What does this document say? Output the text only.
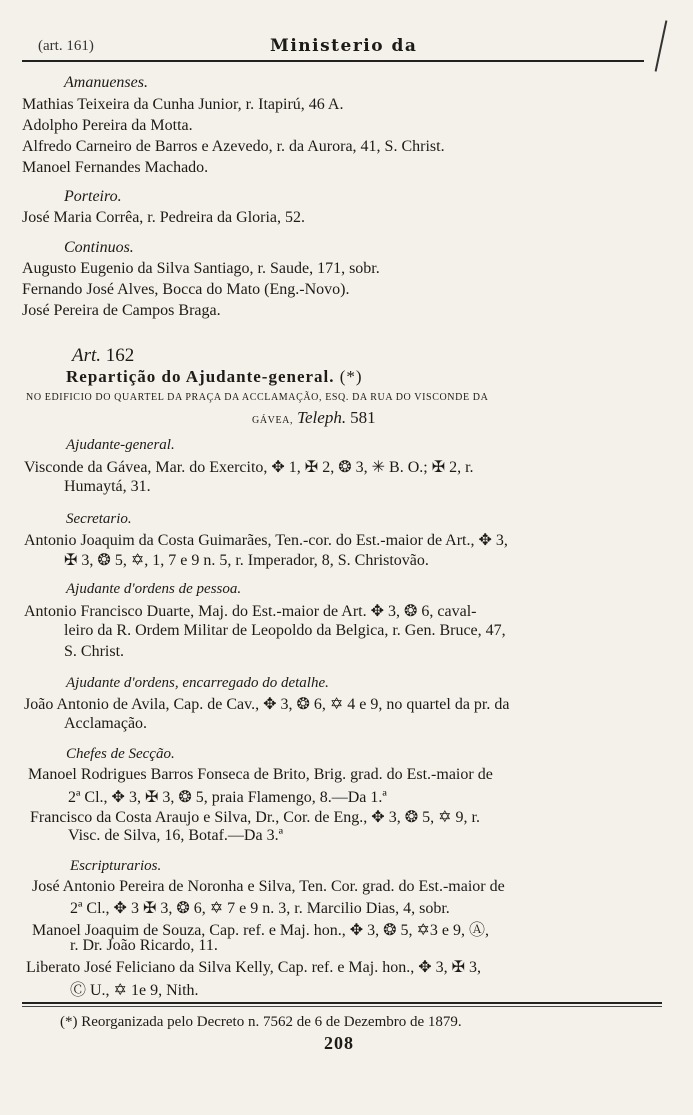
(art. 161)	Ministerio da
Amanuenses.
Mathias Teixeira da Cunha Junior, r. Itapirú, 46 A.
Adolpho Pereira da Motta.
Alfredo Carneiro de Barros e Azevedo, r. da Aurora, 41, S. Christ.
Manoel Fernandes Machado.
Porteiro.
José Maria Corrêa, r. Pedreira da Gloria, 52.
Continuos.
Augusto Eugenio da Silva Santiago, r. Saude, 171, sobr.
Fernando José Alves, Bocca do Mato (Eng.-Novo).
José Pereira de Campos Braga.
Art. 162
Repartição do Ajudante-general. (*)
NO EDIFICIO DO QUARTEL DA PRAÇA DA ACCLAMAÇÃO, ESQ. DA RUA DO VISCONDE DA
GÁVEA, Teleph. 581
Ajudante-general.
Visconde da Gávea, Mar. do Exercito, ✥ 1, ✠ 2, ❂ 3, ✳ B. O.; ✠ 2, r.
Humaytá, 31.
Secretario.
Antonio Joaquim da Costa Guimarães, Ten.-cor. do Est.-maior de Art., ✥ 3,
✠ 3, ❂ 5, ✡, 1, 7 e 9 n. 5, r. Imperador, 8, S. Christovão.
Ajudante d'ordens de pessoa.
Antonio Francisco Duarte, Maj. do Est.-maior de Art. ✥ 3, ❂ 6, caval-
leiro da R. Ordem Militar de Leopoldo da Belgica, r. Gen. Bruce, 47,
S. Christ.
Ajudante d'ordens, encarregado do detalhe.
João Antonio de Avila, Cap. de Cav., ✥ 3, ❂ 6, ✡ 4 e 9, no quartel da pr. da
Acclamação.
Chefes de Secção.
Manoel Rodrigues Barros Fonseca de Brito, Brig. grad. do Est.-maior de
2ª Cl., ✥ 3, ✠ 3, ❂ 5, praia Flamengo, 8.—Da 1.ª
Francisco da Costa Araujo e Silva, Dr., Cor. de Eng., ✥ 3, ❂ 5, ✡ 9, r.
Visc. de Silva, 16, Botaf.—Da 3.ª
Escripturarios.
José Antonio Pereira de Noronha e Silva, Ten. Cor. grad. do Est.-maior de
2ª Cl., ✥ 3 ✠ 3, ❂ 6, ✡ 7 e 9 n. 3, r. Marcilio Dias, 4, sobr.
Manoel Joaquim de Souza, Cap. ref. e Maj. hon., ✥ 3, ❂ 5, ✡3 e 9, Ⓐ,
r. Dr. João Ricardo, 11.
Liberato José Feliciano da Silva Kelly, Cap. ref. e Maj. hon., ✥ 3, ✠ 3,
Ⓒ U., ✡ 1e 9, Nith.
(*) Reorganizada pelo Decreto n. 7562 de 6 de Dezembro de 1879.
208
